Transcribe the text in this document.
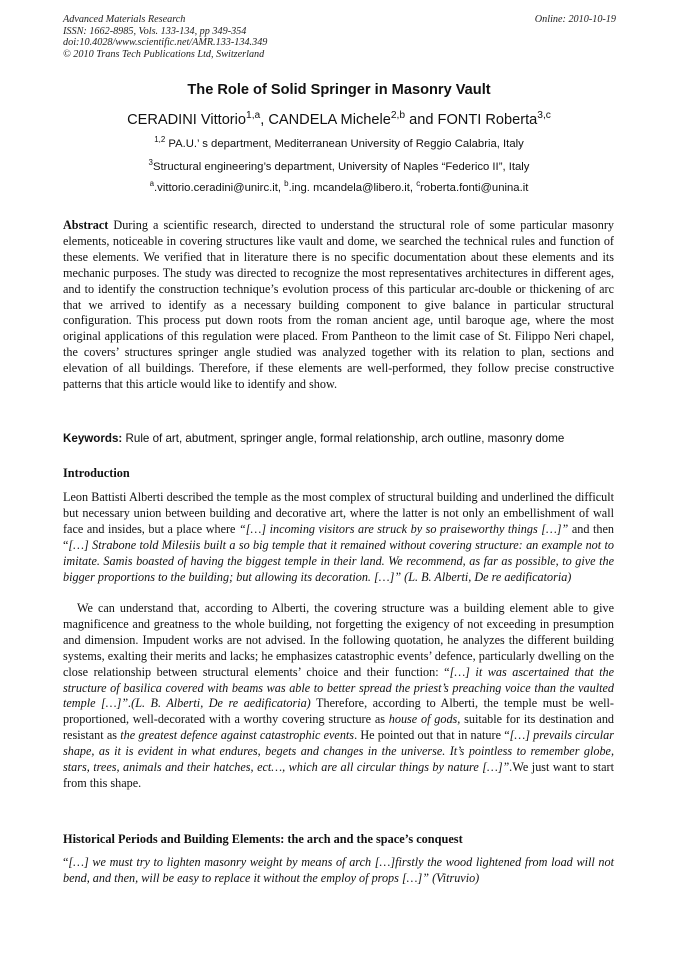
Advanced Materials Research
ISSN: 1662-8985, Vols. 133-134, pp 349-354
doi:10.4028/www.scientific.net/AMR.133-134.349
© 2010 Trans Tech Publications Ltd, Switzerland
Online: 2010-10-19
The Role of Solid Springer in Masonry Vault
CERADINI Vittorio$^{1,a}$, CANDELA Michele$^{2,b}$ and FONTI Roberta$^{3,c}$
$^{1,2}$ PA.U.’ s department, Mediterranean University of Reggio Calabria, Italy
$^3$Structural engineering’s department, University of Naples “Federico II”, Italy
$^a$.vittorio.ceradini@unirc.it, $^b$.ing. mcandela@libero.it, $^c$roberta.fonti@unina.it
Abstract During a scientific research, directed to understand the structural role of some particular masonry elements, noticeable in covering structures like vault and dome, we searched the technical rules and function of these elements. We verified that in literature there is no specific documentation about these elements and its mechanic purposes. The study was directed to recognize the most representatives architectures in different ages, and to identify the construction technique’s evolution process of this particular arc-double or thickening of arc that we arrived to identify as a necessary building component to give balance in particular structural configuration. This process put down roots from the roman ancient age, until baroque age, where the most original applications of this regulation were placed. From Pantheon to the limit case of St. Filippo Neri chapel, the covers’ structures springer angle studied was analyzed together with its relation to plan, sections and elevation of all buildings. Therefore, if these elements are well-performed, they follow precise constructive patterns that this article would like to identify and show.
Keywords: Rule of art, abutment, springer angle, formal relationship, arch outline, masonry dome
Introduction
Leon Battisti Alberti described the temple as the most complex of structural building and underlined the difficult but necessary union between building and decorative art, where the latter is not only an embellishment of wall face and insides, but a place where “[…] incoming visitors are struck by so praiseworthy things […]” and then “[…] Strabone told Milesiis built a so big temple that it remained without covering structure: an example not to imitate. Samis boasted of having the biggest temple in their land. We recommend, as far as possible, to give the bigger proportions to the building; but allowing its decoration. […]” (L. B. Alberti, De re aedificatoria)
We can understand that, according to Alberti, the covering structure was a building element able to give magnificence and greatness to the whole building, not forgetting the exigency of not exceeding in presumption and dimension. Impudent works are not advised. In the following quotation, he analyzes the different building systems, exalting their merits and lacks; he emphasizes catastrophic events’ defence, particularly dwelling on the close relationship between structural elements’ choice and their function: “[…] it was ascertained that the structure of basilica covered with beams was able to better spread the priest’s preaching voice than the vaulted temple […]”.(L. B. Alberti, De re aedificatoria) Therefore, according to Alberti, the temple must be well-proportioned, well-decorated with a worthy covering structure as house of gods, suitable for its destination and resistant as the greatest defence against catastrophic events. He pointed out that in nature “[…] prevails circular shape, as it is evident in what endures, begets and changes in the universe. It’s pointless to remember globe, stars, trees, animals and their hatches, ect…, which are all circular things by nature […]”.We just want to start from this shape.
Historical Periods and Building Elements: the arch and the space’s conquest
“[…] we must try to lighten masonry weight by means of arch […]firstly the wood lightened from load will not bend, and then, will be easy to replace it without the employ of props […]” (Vitruvio)
